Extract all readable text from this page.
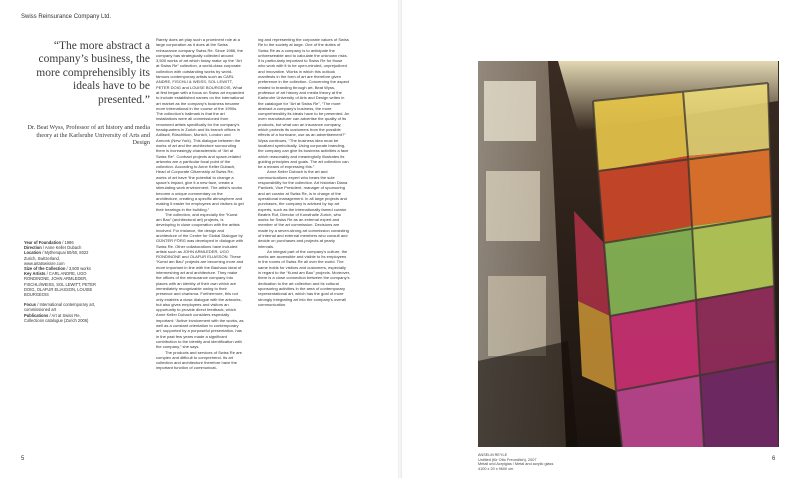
Swiss Reinsurance Company Ltd.
“The more abstract a company’s business, the more comprehensibly its ideals have to be presented.”
Dr. Beat Wyss, Professor of art history and media theory at the Karlsruhe University of Arts and Design
Year of Foundation / 1986
Direction / Anne Keller Dubach
Location / Mythenquai 50/60, 8022 Zurich, Switzerland, www.artatswissre.com
Size of the Collection / 3,500 works
Key Artists / CARL ANDRE, UGO RONDINONE, JOHN ARMLEDER, FISCHLI/WEISS, SOL LEWITT, PETER DOIG, OLAFUR ELIASSON, LOUISE BOURGEOIS
Focus / International contemporary art, commissioned art
Publications / Art at Swiss Re, Collections catalogue (Zurich 2006)

Rarely does art play such a prominent role at a large corporation as it does at the Swiss reinsurance company Swiss Re. Since 1986, the company has strategically collected around 3,500 works of art which today make up the “Art at Swiss Re” collection, a world-class corporate collection with outstanding works by world-famous contemporary artists such as CARL ANDRE, FISCHLI & WEISS, SOL LEWITT, PETER DOIG and LOUISE BOURGEOIS. What at first began with a focus on Swiss art expanded to include established names on the international art market as the company’s business became more international in the course of the 1990s. The collection’s hallmark is that the art installations were all commissioned from renowned artists specifically for the company’s headquarters in Zurich and its branch offices in Adliswil, Rüschlikon, Munich, London und Armonk (New York). This dialogue between the works of art and the architecture surrounding them is increasingly characteristic of “Art at Swiss Re”. Contract projects and space-related artworks are a particular focal point of the collection. According to Anne Keller Dubach, Head of Corporate Citizenship at Swiss Re, works of art have “the potential to change a space’s impact, give it a new face, create a stimulating work environment. The artist’s works become a unique commentary on the architecture, creating a specific atmosphere and making it easier for employees and visitors to get their bearings in the building.”

The collection, and especially the “Kunst am Bau” (architectural art) projects, is developing in close cooperation with the artists involved. For instance, the design and architecture of the Centre for Global Dialogue by GÜNTER FÖRG was developed in dialogue with Swiss Re. Other collaborations have included artists such as JOHN ARMLEDER, UGO RONDINONE and OLAFUR ELIASSON. These “Kunst am Bau” projects are becoming more and more important in line with the Bauhaus ideal of intermeshing art and architecture. They make the offices of the reinsurance company into places with an identity of their own which are immediately recognizable owing to their presence and charisma. Furthermore, this not only enables a close dialogue with the artworks, but also gives employees and visitors an opportunity to provide direct feedback, which Anne Keller Dubach considers especially important: “Active involvement with the works, as well as a constant orientation to contemporary art, supported by a purposeful presentation, has in the past few years made a significant contribution to the identity and identification with the company,” she says.

The products and services of Swiss Re are complex and difficult to comprehend. Its art collection and architecture therefore have the important function of communicat-

ing and representing the corporate values of Swiss Re to the society at large. One of the duties of Swiss Re as a company is to anticipate the unforeseeable and to calculate the unknown risks. It is particularly important to Swiss Re for those who work with it to be open-minded, unprejudiced and innovative. Works in which this outlook manifests in the form of art are therefore given preference in the collection. Concerning the aspect related to branding through art, Beat Wyss, professor of art history and media theory at the Karlsruhe University of Arts and Design writes in the catalogue for “Art at Swiss Re”, “The more abstract a company’s business, the more comprehensibly its ideals have to be presented. An oven manufacturer can advertise the quality of its products, but what can an insurance company, which protects its customers from the possible effects of a hurricane, use as an advertisement?” Wyss continues, “The business idea must be localized symbolically. Using corporate branding, the company can give its business activities a face which reasonably and meaningfully illustrates its guiding principles and goals. The art collection can be a means of expressing this.”

Anne Keller Dubach is the art and communications expert who bears the sole responsibility for the collection. Art historian Diana Pavlicek, Vice President, manager of sponsoring and art curator at Swiss Re, is in charge of the operational management. In all large projects and purchases, the company is advised by top art experts, such as the internationally famed curator Beatrix Ruf, Director of Kunsthalle Zurich, who works for Swiss Re as an external expert and member of the art commission. Decisions are made by a seven-strong art commission consisting of internal and external members who consult and decide on purchases and projects at yearly intervals.

An integral part of the company’s culture, the works are accessible and visible to its employees in the rooms of Swiss Re all over the world. The same holds for visitors and customers, especially in regard to the “Kunst am Bau” projects. Moreover, there is a close connection between the company’s dedication to the art collection and its cultural sponsoring activities in the area of contemporary representational art, which has the goal of more strongly integrating art into the company’s overall communication.

ANSELM REYLE
Untitled (für Otto Freundlich), 2007
Metall und Acrylglas / Metal and acrylic glass
4100 x 20 x 9600 cm
5	6
